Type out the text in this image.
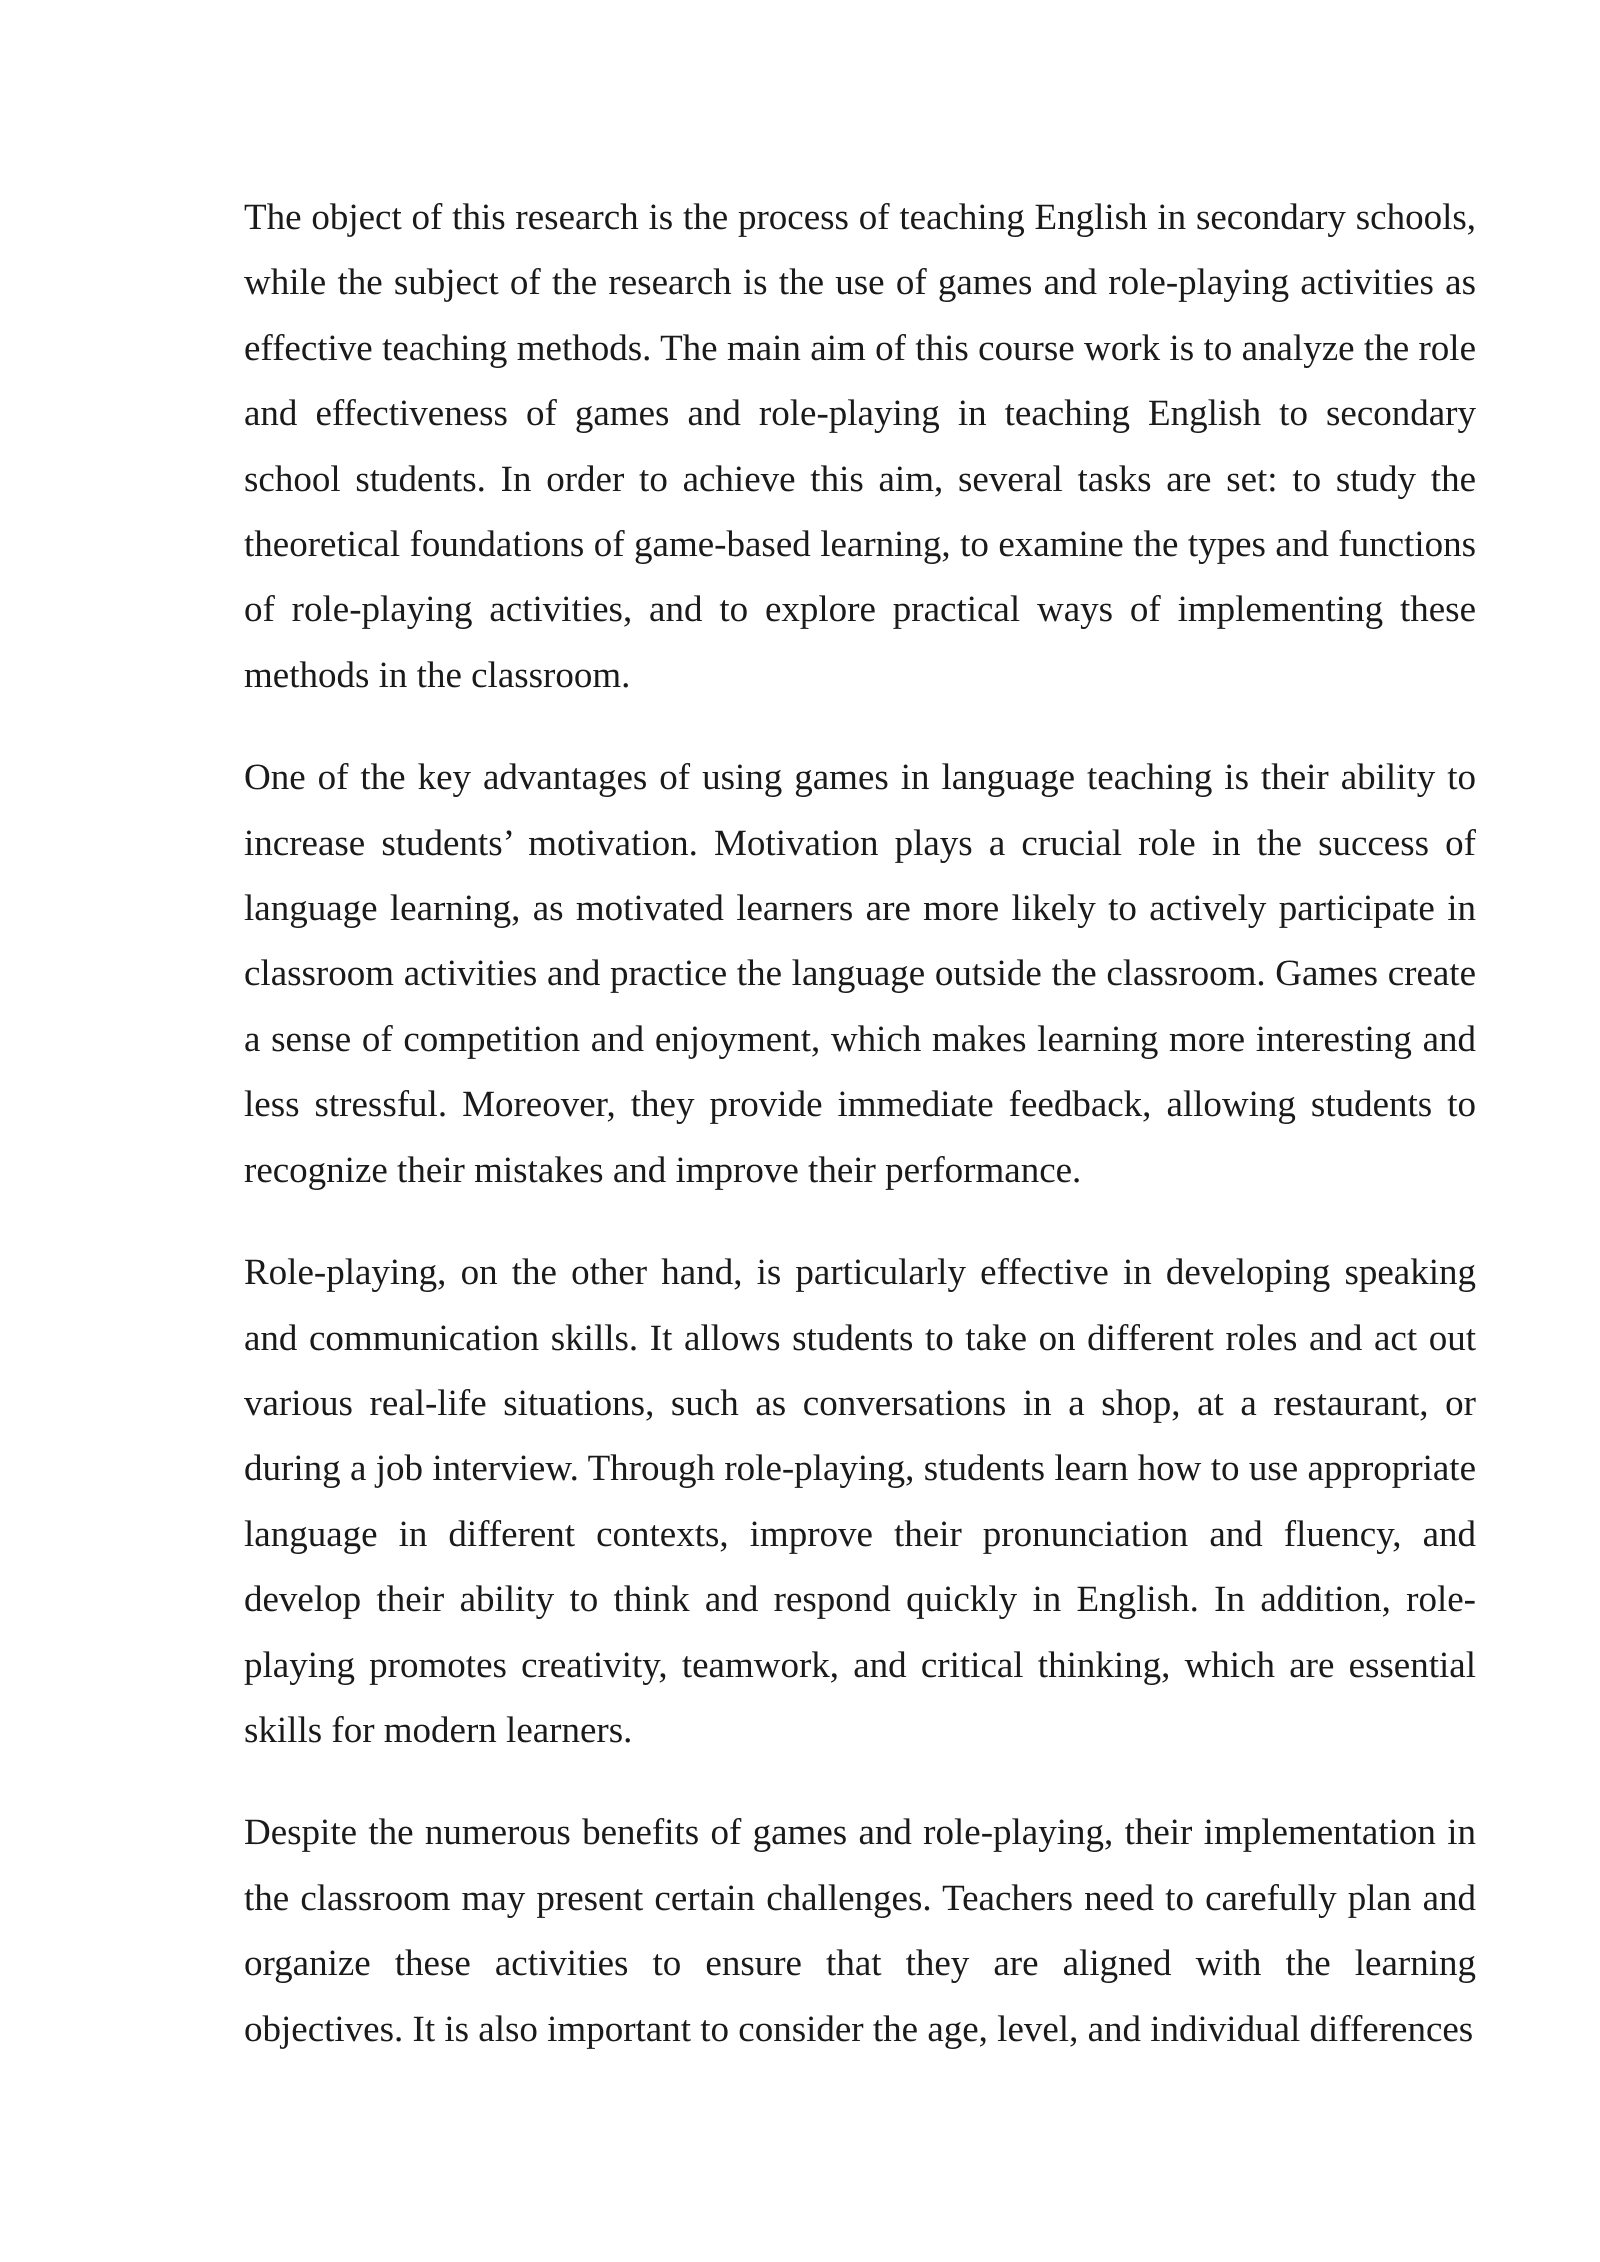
The object of this research is the process of teaching English in secondary schools, while the subject of the research is the use of games and role-playing activities as effective teaching methods. The main aim of this course work is to analyze the role and effectiveness of games and role-playing in teaching English to secondary school students. In order to achieve this aim, several tasks are set: to study the theoretical foundations of game-based learning, to examine the types and functions of role-playing activities, and to explore practical ways of implementing these methods in the classroom.

One of the key advantages of using games in language teaching is their ability to increase students’ motivation. Motivation plays a crucial role in the success of language learning, as motivated learners are more likely to actively participate in classroom activities and practice the language outside the classroom. Games create a sense of competition and enjoyment, which makes learning more interesting and less stressful. Moreover, they provide immediate feedback, allowing students to recognize their mistakes and improve their performance.

Role-playing, on the other hand, is particularly effective in developing speaking and communication skills. It allows students to take on different roles and act out various real-life situations, such as conversations in a shop, at a restaurant, or during a job interview. Through role-playing, students learn how to use appropriate language in different contexts, improve their pronunciation and fluency, and develop their ability to think and respond quickly in English. In addition, role-playing promotes creativity, teamwork, and critical thinking, which are essential skills for modern learners.

Despite the numerous benefits of games and role-playing, their implementation in the classroom may present certain challenges. Teachers need to carefully plan and organize these activities to ensure that they are aligned with the learning objectives. It is also important to consider the age, level, and individual differences
